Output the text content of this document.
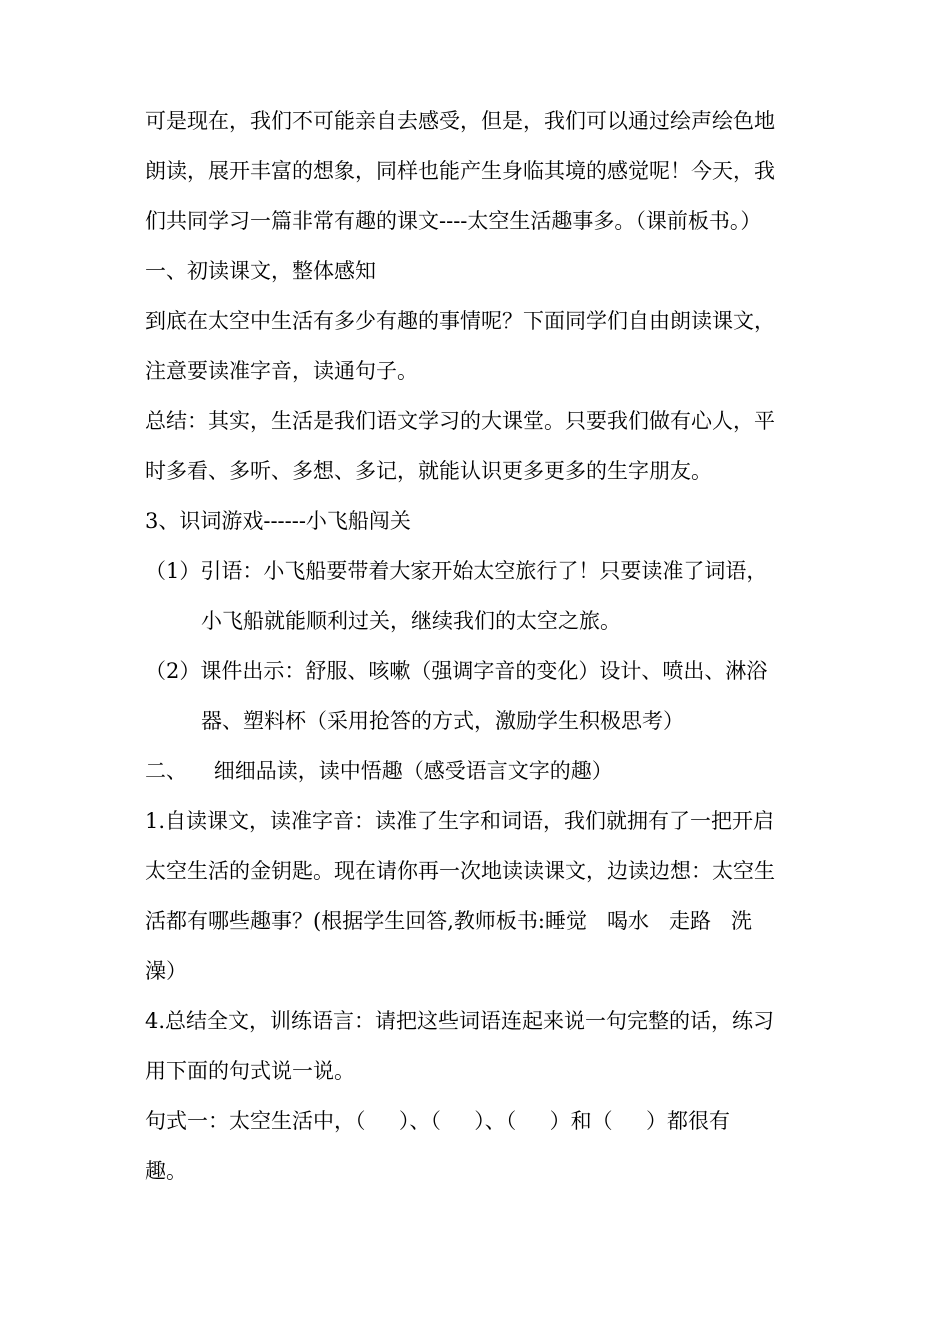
可是现在，我们不可能亲自去感受，但是，我们可以通过绘声绘色地
朗读，展开丰富的想象，同样也能产生身临其境的感觉呢！今天，我
们共同学习一篇非常有趣的课文----太空生活趣事多。（课前板书。）
一、初读课文，整体感知
到底在太空中生活有多少有趣的事情呢？下面同学们自由朗读课文，
注意要读准字音，读通句子。
总结：其实，生活是我们语文学习的大课堂。只要我们做有心人，平
时多看、多听、多想、多记，就能认识更多更多的生字朋友。
3、识词游戏------小飞船闯关
（1）引语：小飞船要带着大家开始太空旅行了！只要读准了词语，
小飞船就能顺利过关，继续我们的太空之旅。
（2）课件出示：舒服、咳嗽（强调字音的变化）设计、喷出、淋浴
器、塑料杯（采用抢答的方式，激励学生积极思考）
二、    细细品读，读中悟趣（感受语言文字的趣）
1.自读课文，读准字音：读准了生字和词语，我们就拥有了一把开启
太空生活的金钥匙。现在请你再一次地读读课文，边读边想：太空生
活都有哪些趣事？(根据学生回答,教师板书:睡觉   喝水   走路   洗
澡）
4.总结全文，训练语言：请把这些词语连起来说一句完整的话，练习
用下面的句式说一说。
句式一：太空生活中，（     ）、（     ）、（     ）和（     ）都很有
趣。
